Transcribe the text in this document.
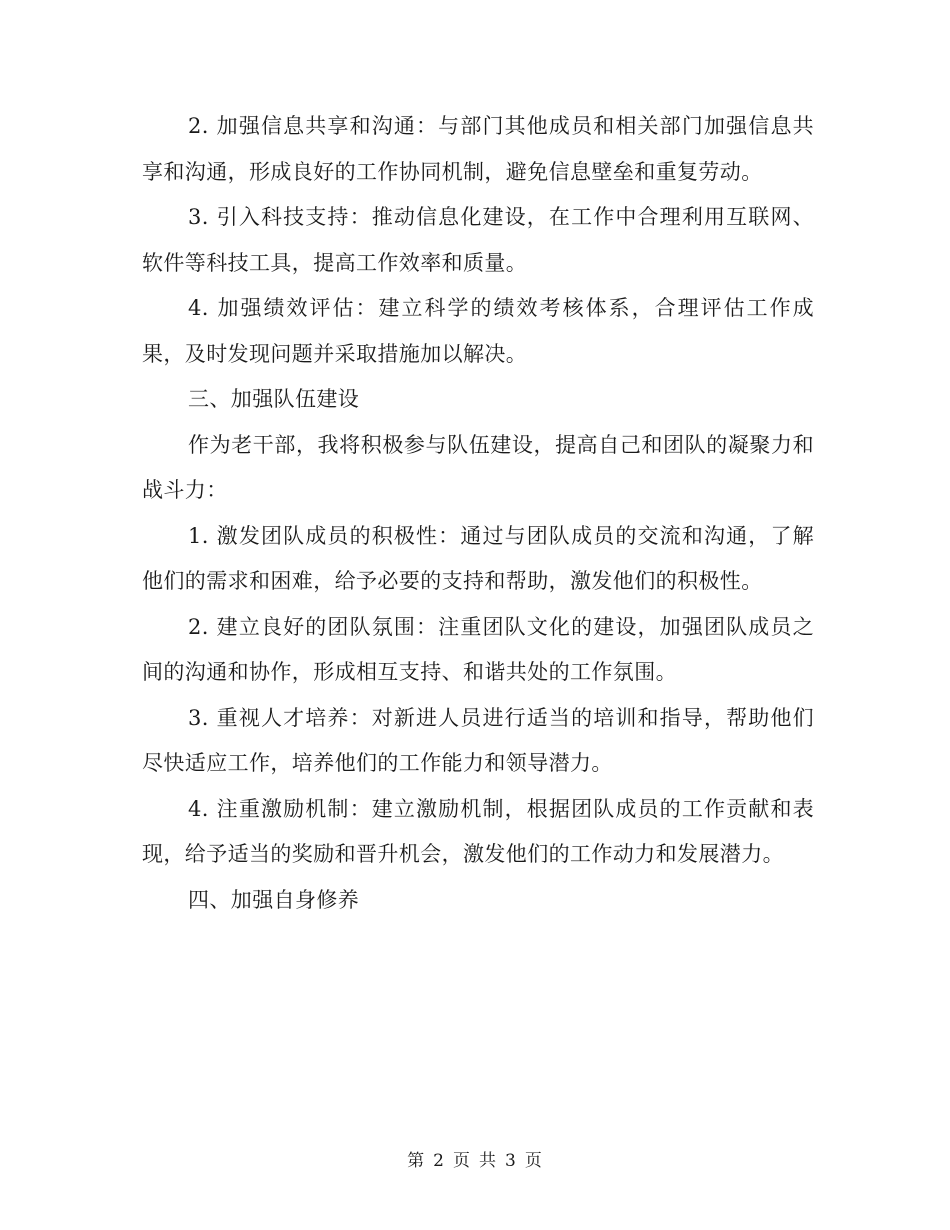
2. 加强信息共享和沟通：与部门其他成员和相关部门加强信息共享和沟通，形成良好的工作协同机制，避免信息壁垒和重复劳动。

3. 引入科技支持：推动信息化建设，在工作中合理利用互联网、软件等科技工具，提高工作效率和质量。

4. 加强绩效评估：建立科学的绩效考核体系，合理评估工作成果，及时发现问题并采取措施加以解决。

三、加强队伍建设

作为老干部，我将积极参与队伍建设，提高自己和团队的凝聚力和战斗力：

1. 激发团队成员的积极性：通过与团队成员的交流和沟通，了解他们的需求和困难，给予必要的支持和帮助，激发他们的积极性。

2. 建立良好的团队氛围：注重团队文化的建设，加强团队成员之间的沟通和协作，形成相互支持、和谐共处的工作氛围。

3. 重视人才培养：对新进人员进行适当的培训和指导，帮助他们尽快适应工作，培养他们的工作能力和领导潜力。

4. 注重激励机制：建立激励机制，根据团队成员的工作贡献和表现，给予适当的奖励和晋升机会，激发他们的工作动力和发展潜力。

四、加强自身修养

第 2 页 共 3 页
